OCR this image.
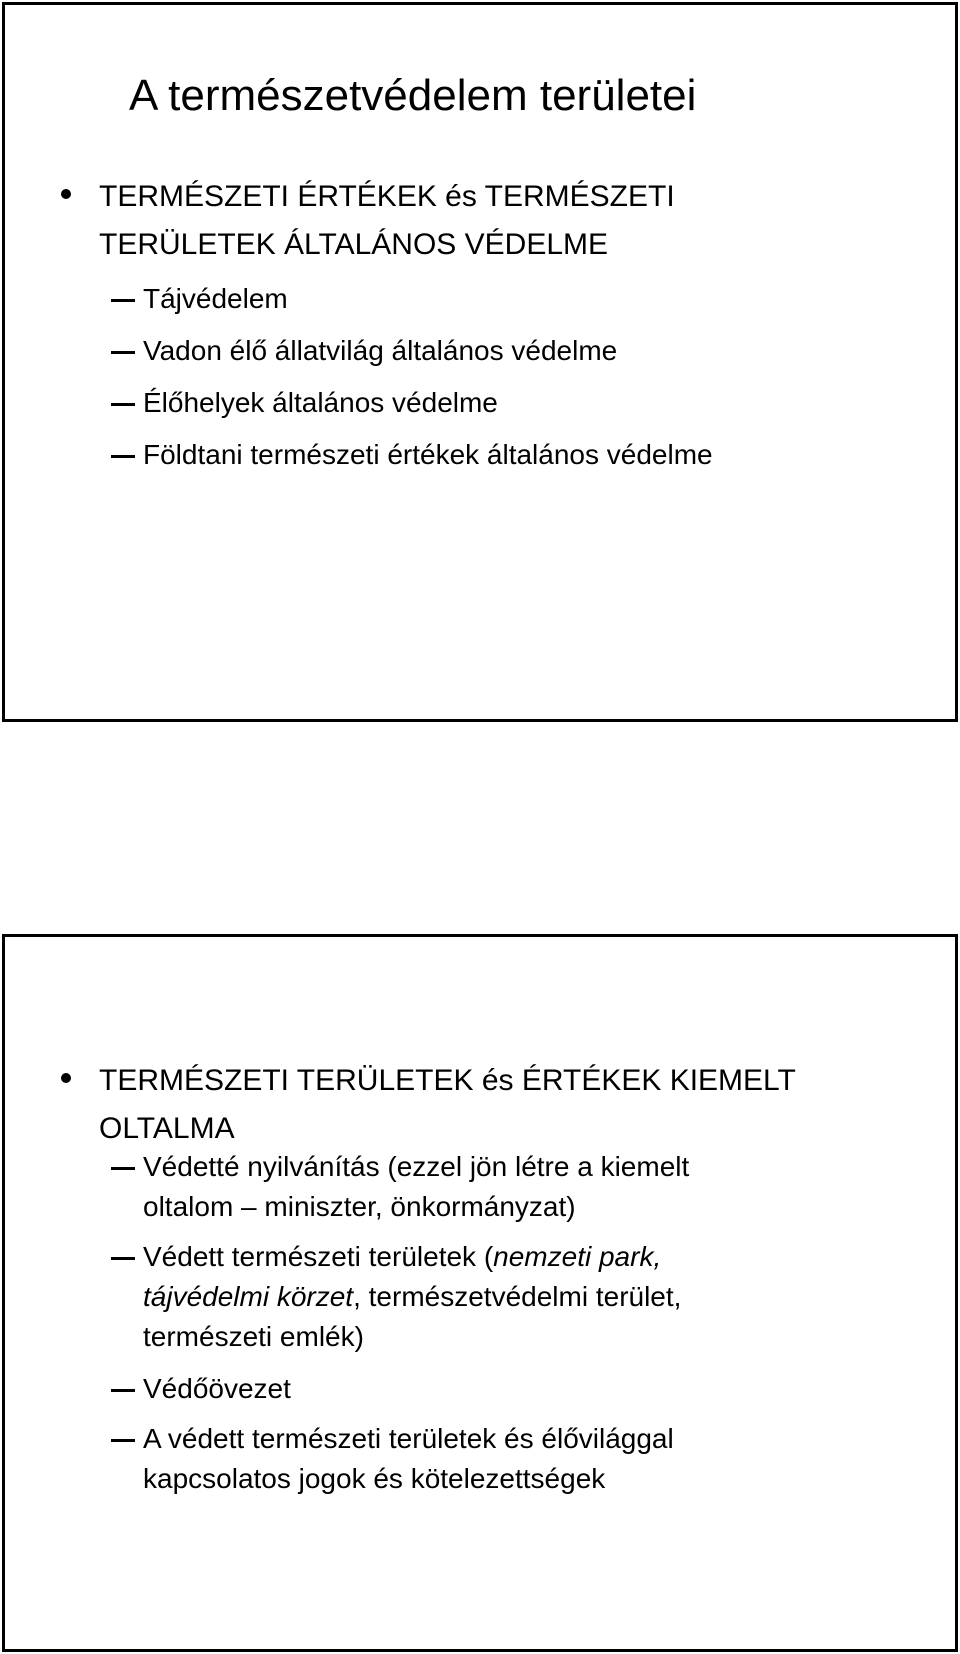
A természetvédelem területei

TERMÉSZETI ÉRTÉKEK és TERMÉSZETI
TERÜLETEK ÁLTALÁNOS VÉDELME

Tájvédelem

Vadon élő állatvilág általános védelme

Élőhelyek általános védelme

Földtani természeti értékek általános védelme

TERMÉSZETI TERÜLETEK és ÉRTÉKEK KIEMELT
OLTALMA

Védetté nyilvánítás (ezzel jön létre a kiemelt
oltalom – miniszter, önkormányzat)

Védett természeti területek (nemzeti park,
tájvédelmi körzet, természetvédelmi terület,
természeti emlék)

Védőövezet

A védett természeti területek és élővilággal
kapcsolatos jogok és kötelezettségek
